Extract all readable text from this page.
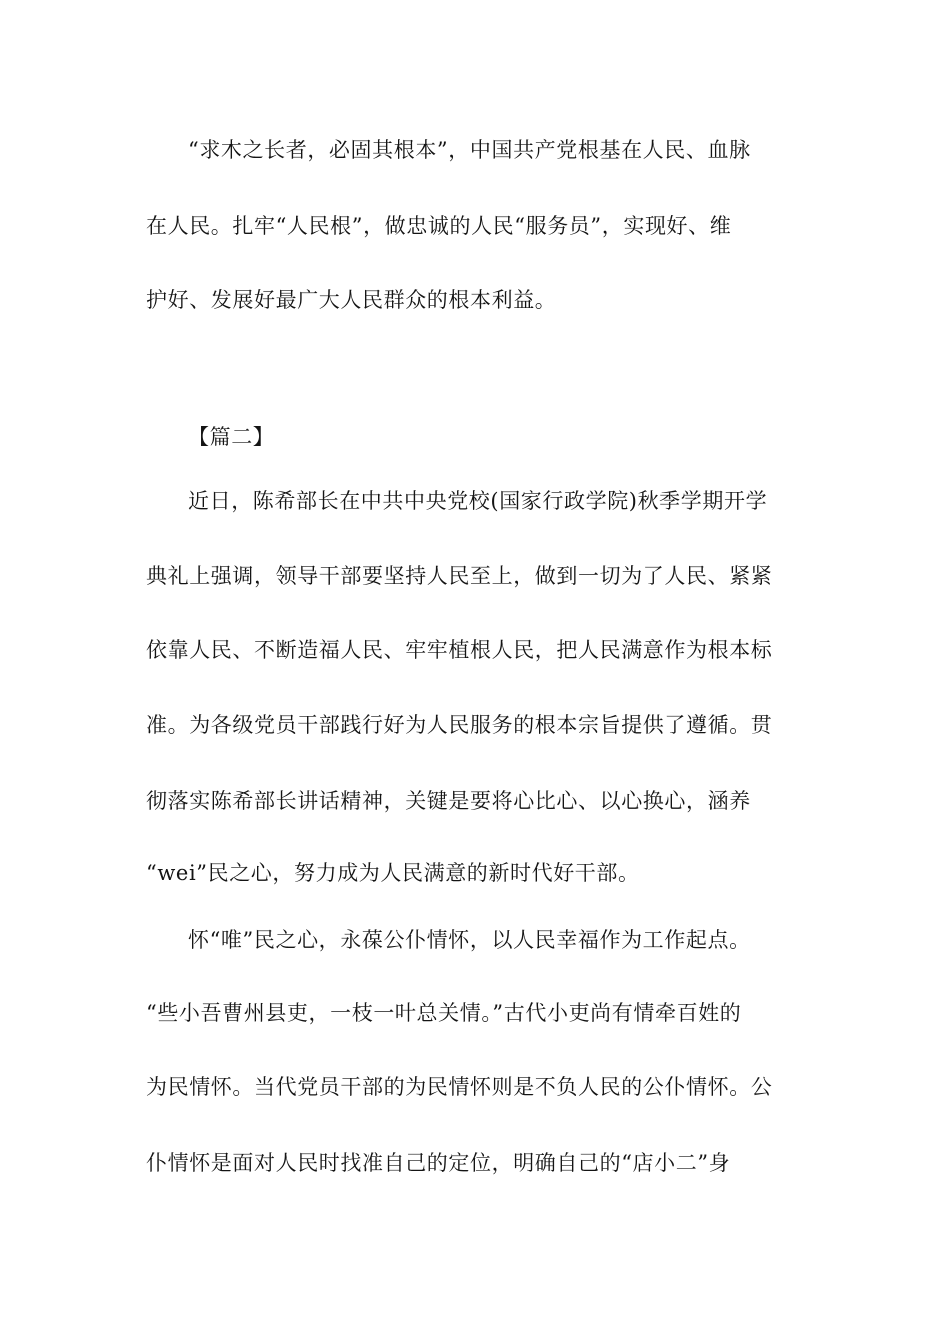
“求木之长者，必固其根本”，中国共产党根基在人民、血脉
在人民。扎牢“人民根”，做忠诚的人民“服务员”，实现好、维
护好、发展好最广大人民群众的根本利益。
【篇二】
近日，陈希部长在中共中央党校(国家行政学院)秋季学期开学
典礼上强调，领导干部要坚持人民至上，做到一切为了人民、紧紧
依靠人民、不断造福人民、牢牢植根人民，把人民满意作为根本标
准。为各级党员干部践行好为人民服务的根本宗旨提供了遵循。贯
彻落实陈希部长讲话精神，关键是要将心比心、以心换心，涵养
“wei”民之心，努力成为人民满意的新时代好干部。
怀“唯”民之心，永葆公仆情怀，以人民幸福作为工作起点。
“些小吾曹州县吏，一枝一叶总关情。”古代小吏尚有情牵百姓的
为民情怀。当代党员干部的为民情怀则是不负人民的公仆情怀。公
仆情怀是面对人民时找准自己的定位，明确自己的“店小二”身
